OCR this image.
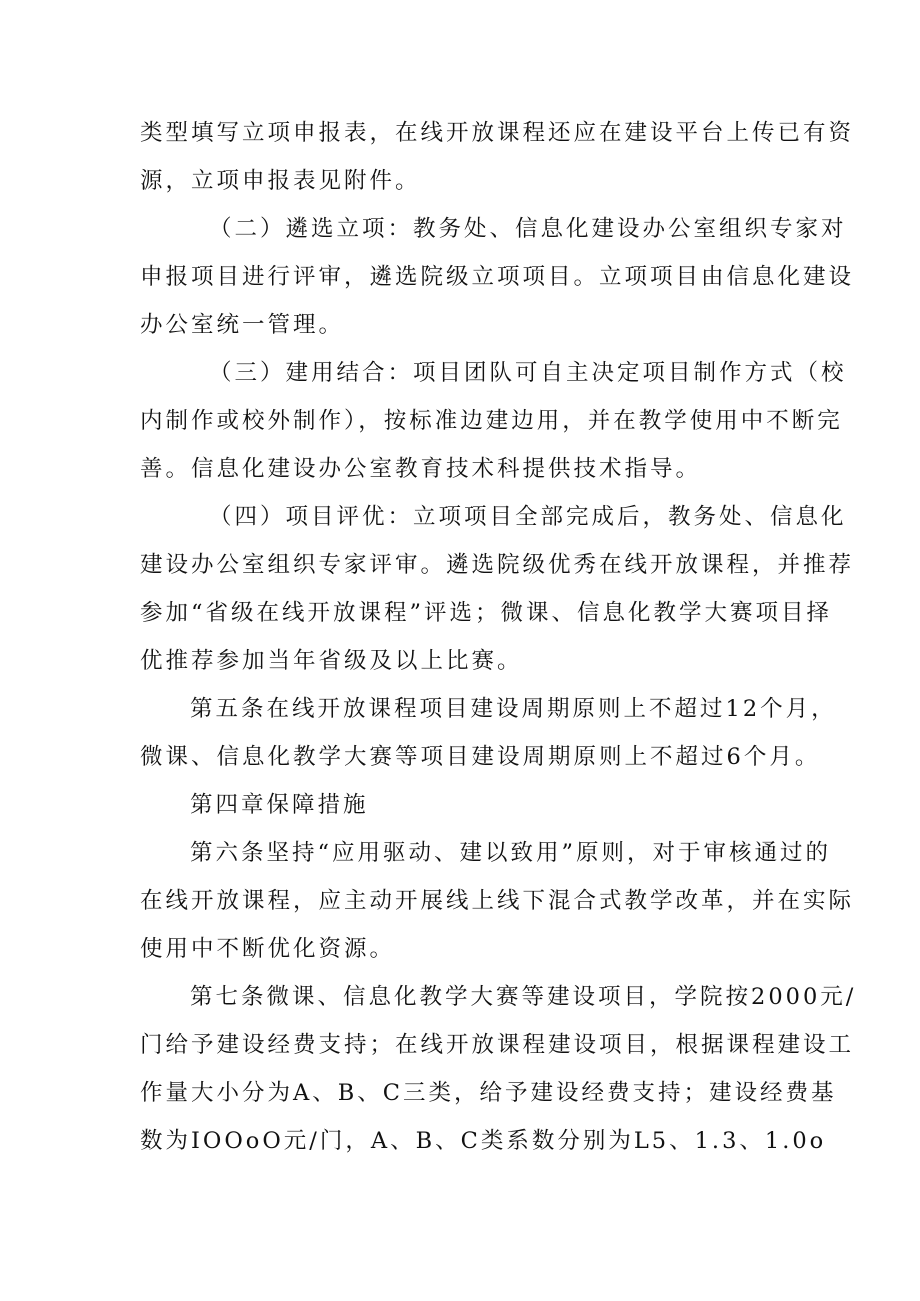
类型填写立项申报表，在线开放课程还应在建设平台上传已有资
源，立项申报表见附件。
（二）遴选立项：教务处、信息化建设办公室组织专家对
申报项目进行评审，遴选院级立项项目。立项项目由信息化建设
办公室统一管理。
（三）建用结合：项目团队可自主决定项目制作方式（校
内制作或校外制作），按标准边建边用，并在教学使用中不断完
善。信息化建设办公室教育技术科提供技术指导。
（四）项目评优：立项项目全部完成后，教务处、信息化
建设办公室组织专家评审。遴选院级优秀在线开放课程，并推荐
参加“省级在线开放课程”评选；微课、信息化教学大赛项目择
优推荐参加当年省级及以上比赛。
第五条在线开放课程项目建设周期原则上不超过12个月，
微课、信息化教学大赛等项目建设周期原则上不超过6个月。
第四章保障措施
第六条坚持“应用驱动、建以致用”原则，对于审核通过的
在线开放课程，应主动开展线上线下混合式教学改革，并在实际
使用中不断优化资源。
第七条微课、信息化教学大赛等建设项目，学院按2000元/
门给予建设经费支持；在线开放课程建设项目，根据课程建设工
作量大小分为A、B、C三类，给予建设经费支持；建设经费基
数为IOOoO元/门，A、B、C类系数分别为L5、1.3、1.0o
